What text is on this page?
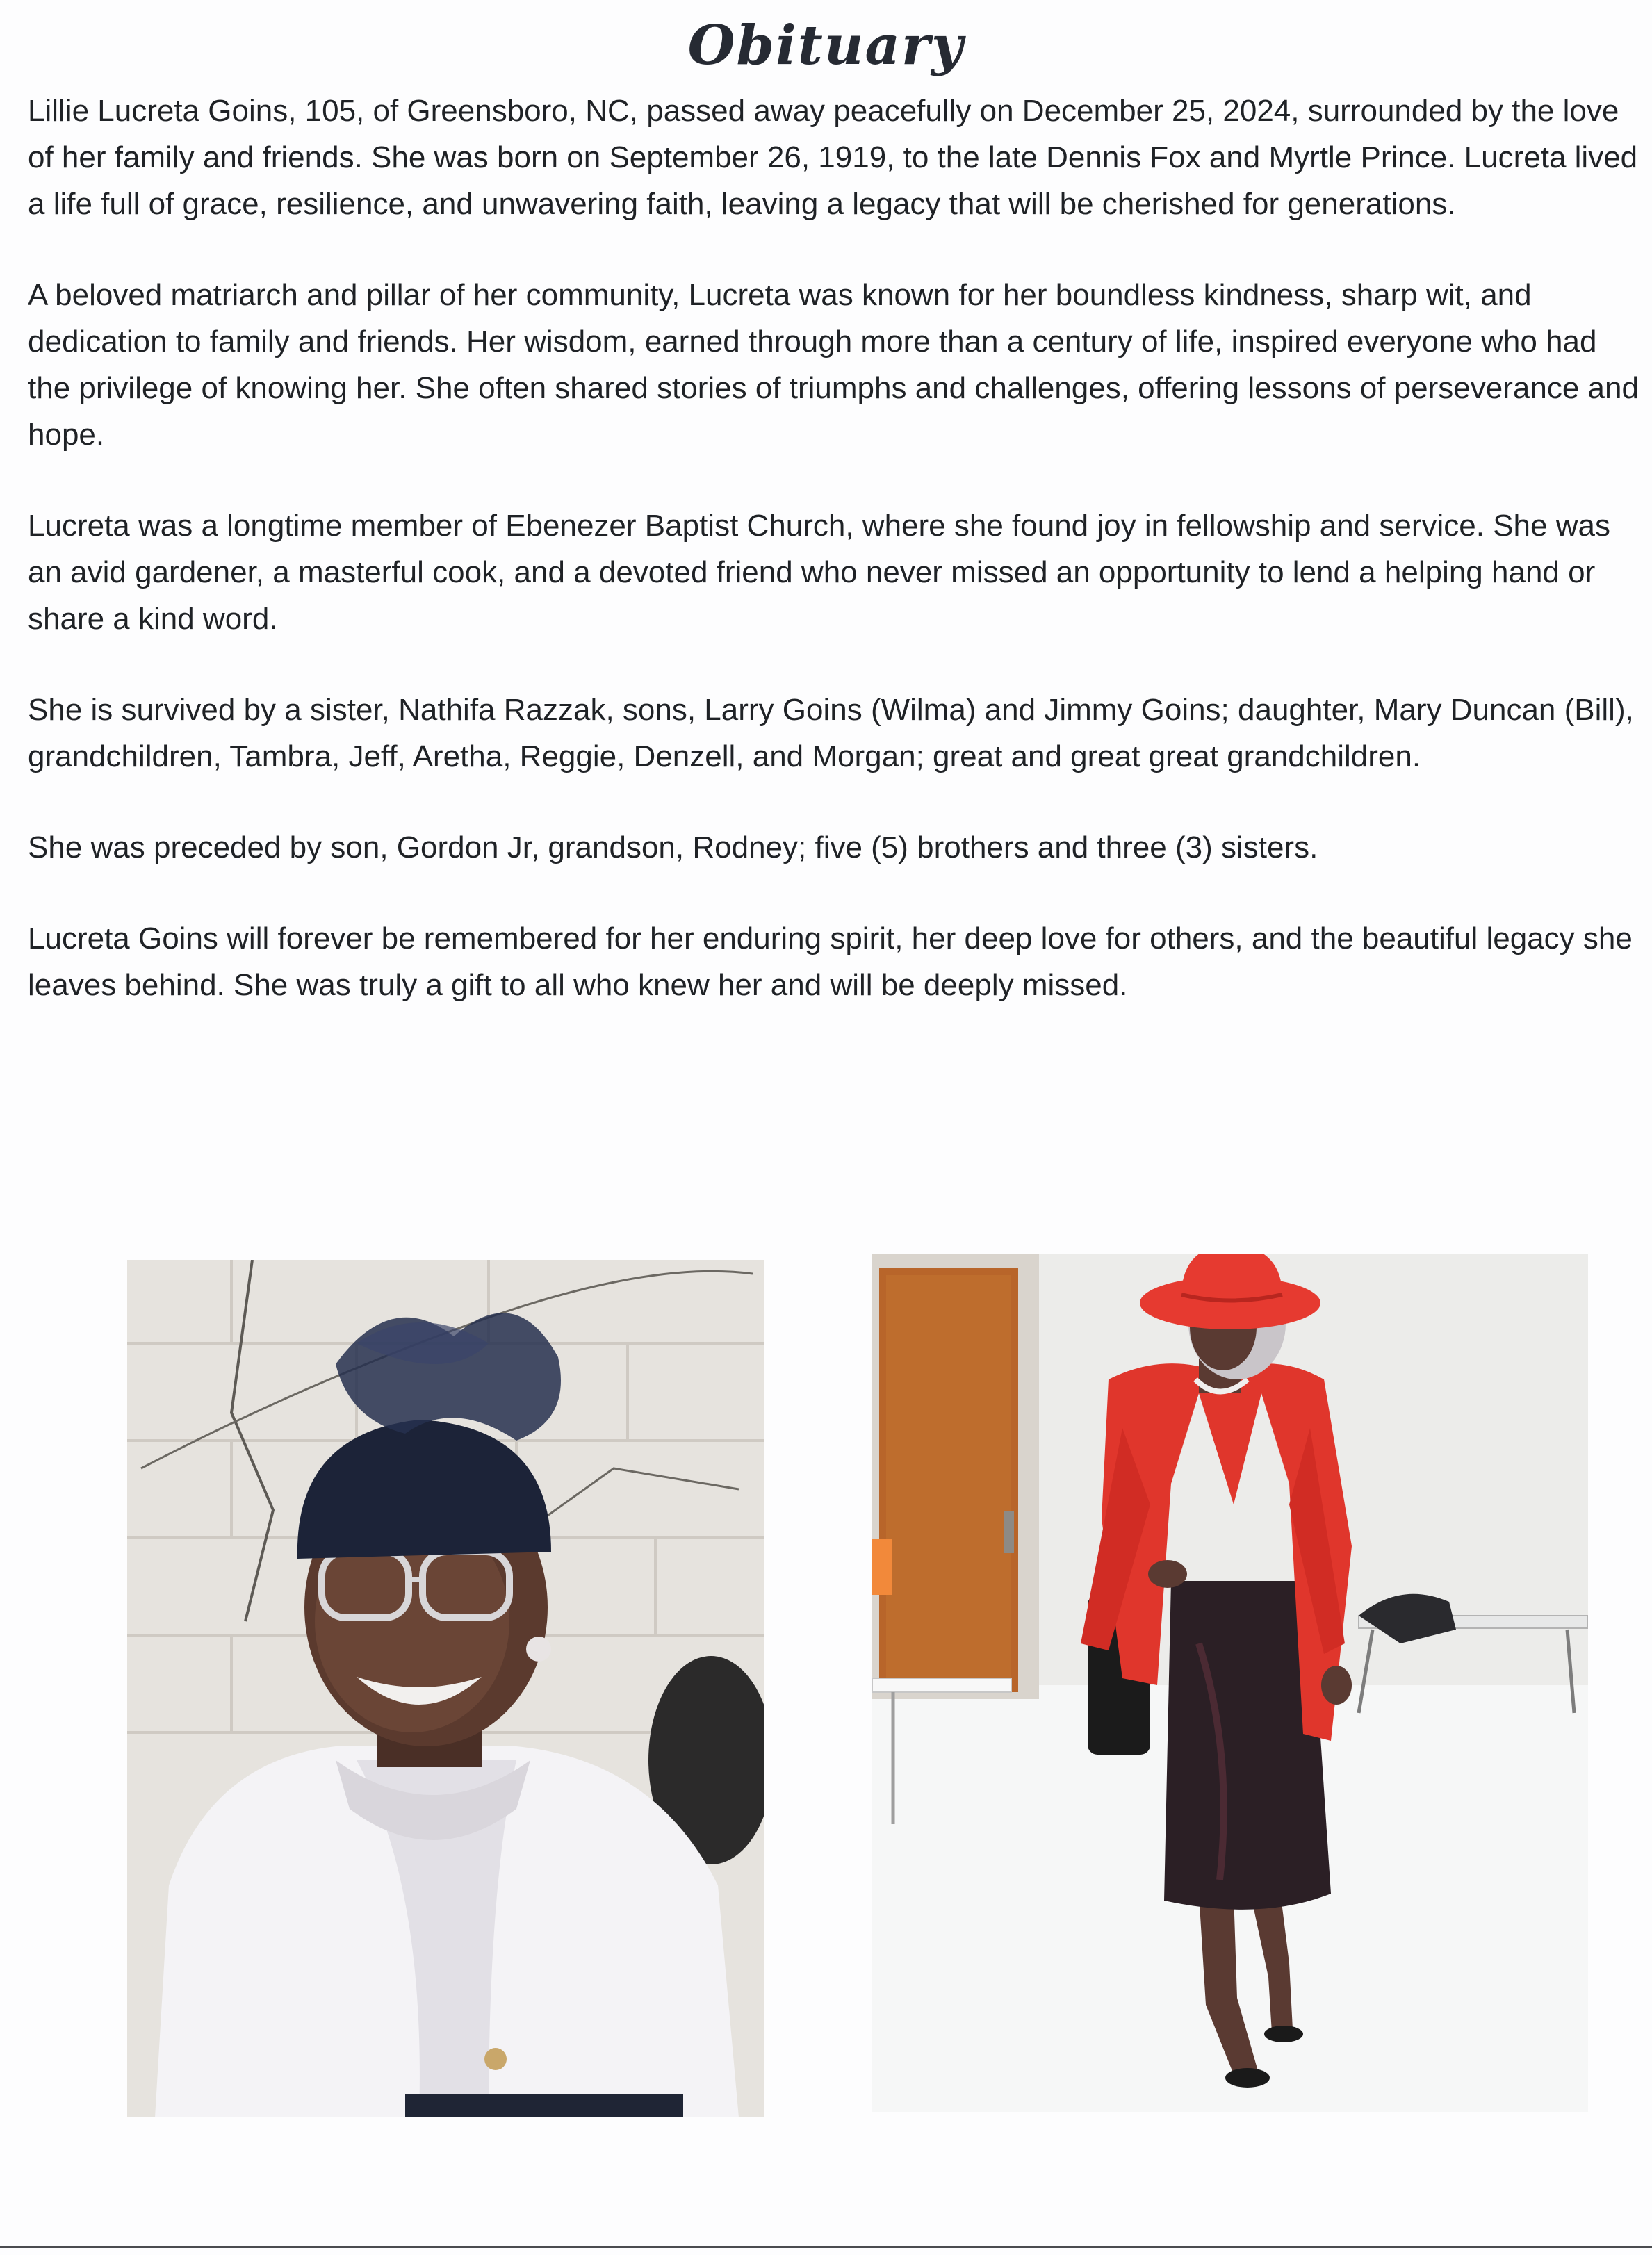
Obituary

Lillie Lucreta Goins, 105, of Greensboro, NC, passed away peacefully on December 25, 2024, surrounded by the love of her family and friends. She was born on September 26, 1919, to the late Dennis Fox and Myrtle Prince. Lucreta lived a life full of grace, resilience, and unwavering faith, leaving a legacy that will be cherished for generations.

A beloved matriarch and pillar of her community, Lucreta was known for her boundless kindness, sharp wit, and dedication to family and friends. Her wisdom, earned through more than a century of life, inspired everyone who had the privilege of knowing her. She often shared stories of triumphs and challenges, offering lessons of perseverance and hope.

Lucreta was a longtime member of Ebenezer Baptist Church, where she found joy in fellowship and service. She was an avid gardener, a masterful cook, and a devoted friend who never missed an opportunity to lend a helping hand or share a kind word.

She is survived by a sister, Nathifa Razzak, sons, Larry Goins (Wilma) and Jimmy Goins; daughter, Mary Duncan (Bill), grandchildren, Tambra, Jeff, Aretha, Reggie, Denzell, and Morgan; great and great great grandchildren.

She was preceded by son, Gordon Jr, grandson, Rodney; five (5) brothers and three (3) sisters.

Lucreta Goins will forever be remembered for her enduring spirit, her deep love for others, and the beautiful legacy she leaves behind. She was truly a gift to all who knew her and will be deeply missed.
